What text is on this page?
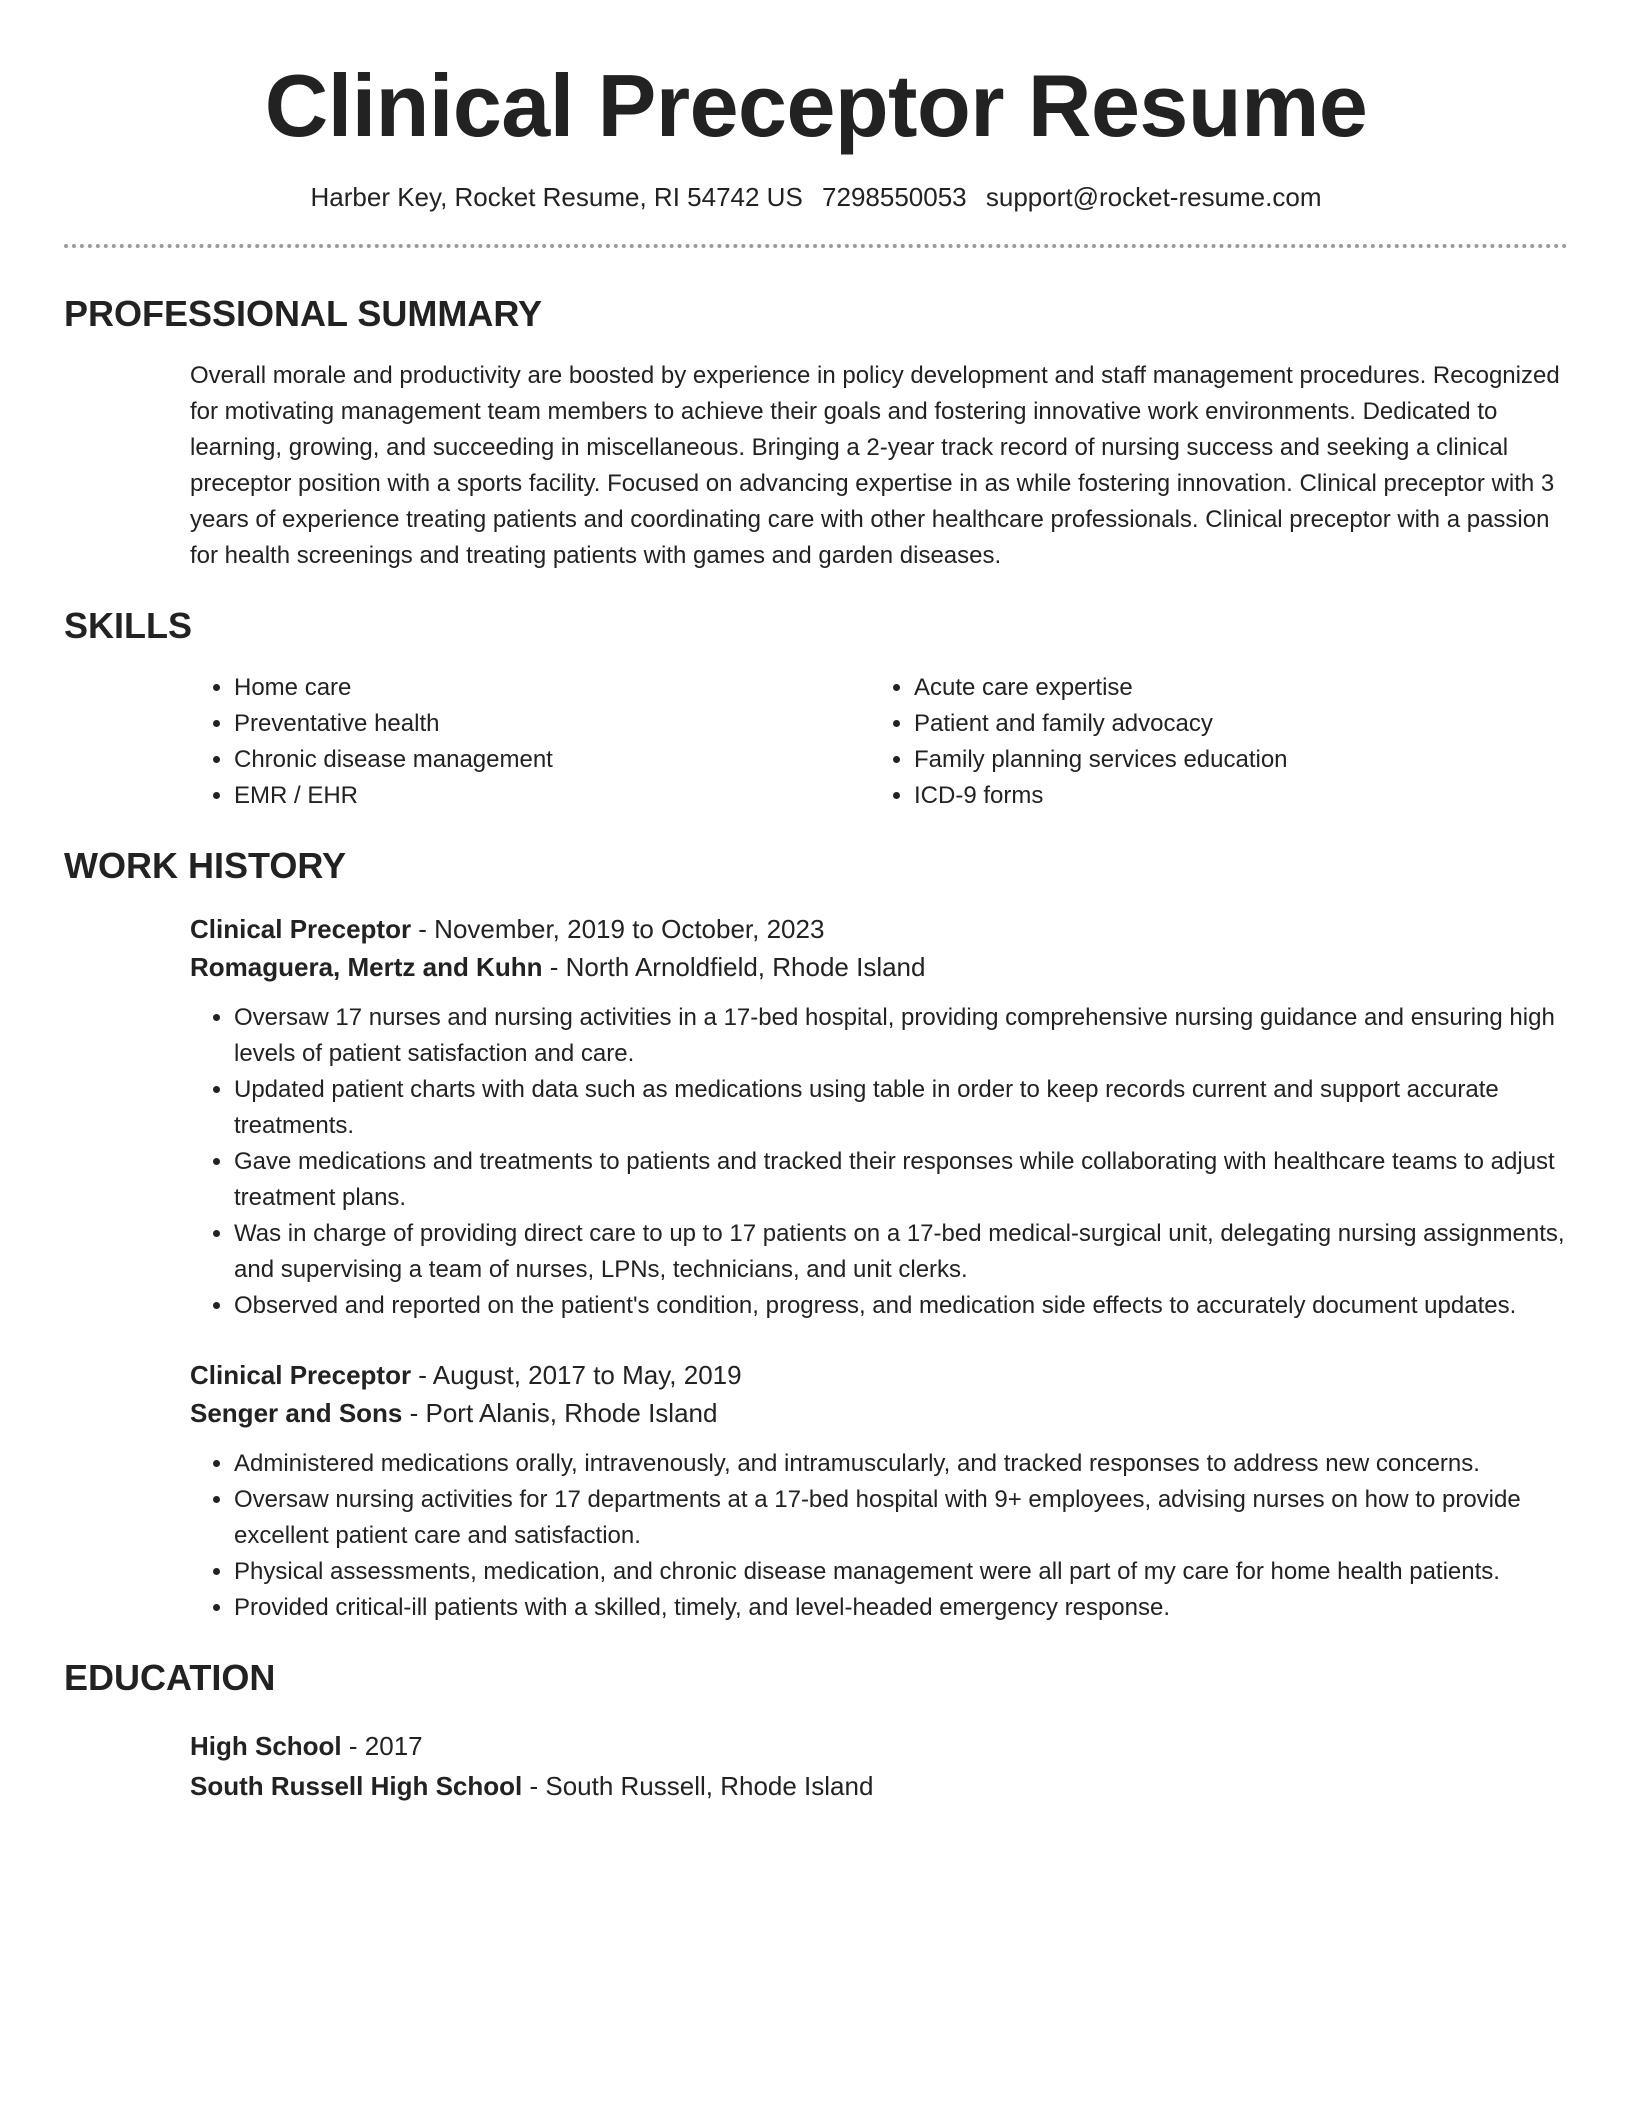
Clinical Preceptor Resume
Harber Key, Rocket Resume, RI 54742 US 7298550053 support@rocket-resume.com
PROFESSIONAL SUMMARY

Overall morale and productivity are boosted by experience in policy development and staff management procedures. Recognized for motivating management team members to achieve their goals and fostering innovative work environments. Dedicated to learning, growing, and succeeding in miscellaneous. Bringing a 2-year track record of nursing success and seeking a clinical preceptor position with a sports facility. Focused on advancing expertise in as while fostering innovation. Clinical preceptor with 3 years of experience treating patients and coordinating care with other healthcare professionals. Clinical preceptor with a passion for health screenings and treating patients with games and garden diseases.

SKILLS
• Home care
• Preventative health
• Chronic disease management
• EMR / EHR
• Acute care expertise
• Patient and family advocacy
• Family planning services education
• ICD-9 forms
WORK HISTORY
Clinical Preceptor - November, 2019 to October, 2023
Romaguera, Mertz and Kuhn - North Arnoldfield, Rhode Island
• Oversaw 17 nurses and nursing activities in a 17-bed hospital, providing comprehensive nursing guidance and ensuring high levels of patient satisfaction and care.
• Updated patient charts with data such as medications using table in order to keep records current and support accurate treatments.
• Gave medications and treatments to patients and tracked their responses while collaborating with healthcare teams to adjust treatment plans.
• Was in charge of providing direct care to up to 17 patients on a 17-bed medical-surgical unit, delegating nursing assignments, and supervising a team of nurses, LPNs, technicians, and unit clerks.
• Observed and reported on the patient's condition, progress, and medication side effects to accurately document updates.
Clinical Preceptor - August, 2017 to May, 2019
Senger and Sons - Port Alanis, Rhode Island
• Administered medications orally, intravenously, and intramuscularly, and tracked responses to address new concerns.
• Oversaw nursing activities for 17 departments at a 17-bed hospital with 9+ employees, advising nurses on how to provide excellent patient care and satisfaction.
• Physical assessments, medication, and chronic disease management were all part of my care for home health patients.
• Provided critical-ill patients with a skilled, timely, and level-headed emergency response.
EDUCATION
High School - 2017
South Russell High School - South Russell, Rhode Island
